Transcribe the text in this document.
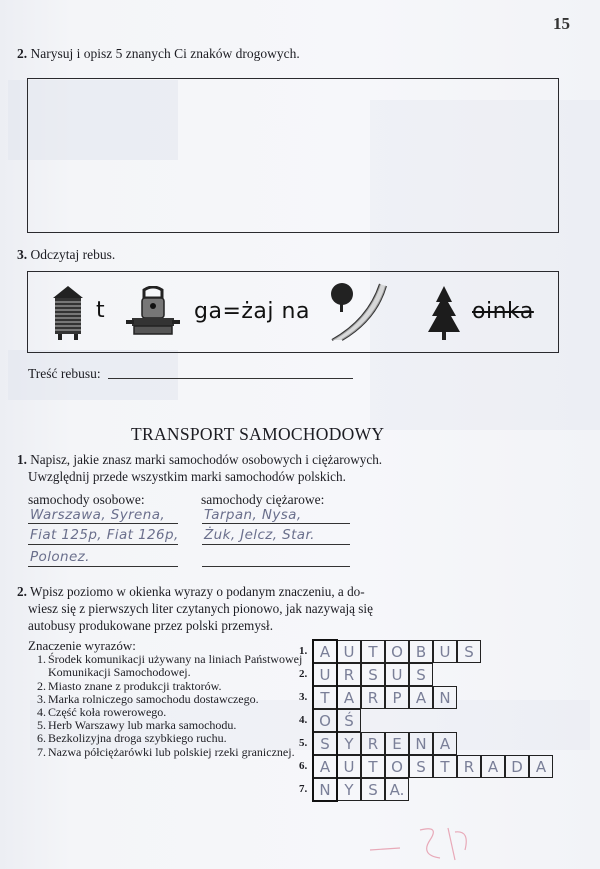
15
2. Narysuj i opisz 5 znanych Ci znaków drogowych.
3. Odczytaj rebus.
t	ga=żaj na	oinka
Treść rebusu:
TRANSPORT SAMOCHODOWY
1. Napisz, jakie znasz marki samochodów osobowych i ciężarowych.
Uwzględnij przede wszystkim marki samochodów polskich.
samochody osobowe:	samochody ciężarowe:
Warszawa, Syrena,
Fiat 125p, Fiat 126p,
Polonez.
Tarpan, Nysa,
Żuk, Jelcz, Star.
2. Wpisz poziomo w okienka wyrazy o podanym znaczeniu, a do-
wiesz się z pierwszych liter czytanych pionowo, jak nazywają się
autobusy produkowane przez polski przemysł.
Znaczenie wyrazów:
1. Środek komunikacji używany na liniach Państwowej
Komunikacji Samochodowej.
2. Miasto znane z produkcji traktorów.
3. Marka rolniczego samochodu dostawczego.
4. Część koła rowerowego.
5. Herb Warszawy lub marka samochodu.
6. Bezkolizyjna droga szybkiego ruchu.
7. Nazwa półciężarówki lub polskiej rzeki granicznej.
1. A U T O B U S
2. U R S U S
3. T A R P A N
4. O Ś
5. S Y R E N A
6. A U T O S T R A D A
7. N Y S A.
